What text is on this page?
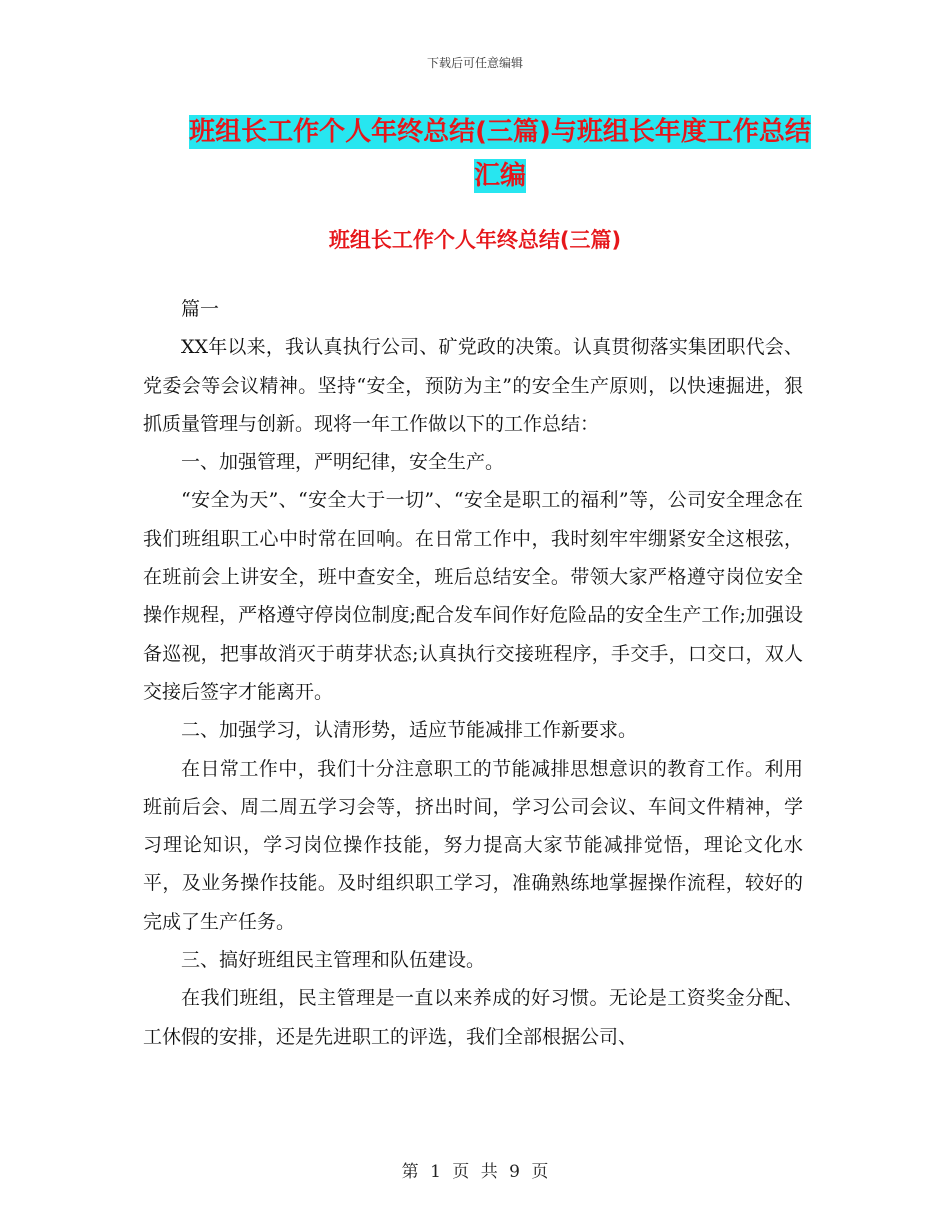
下载后可任意编辑
班组长工作个人年终总结(三篇)与班组长年度工作总结汇编
班组长工作个人年终总结(三篇)

篇一

XX年以来，我认真执行公司、矿党政的决策。认真贯彻落实集团职代会、党委会等会议精神。坚持“安全，预防为主”的安全生产原则，以快速掘进，狠抓质量管理与创新。现将一年工作做以下的工作总结：

一、加强管理，严明纪律，安全生产。

“安全为天”、“安全大于一切”、“安全是职工的福利”等，公司安全理念在我们班组职工心中时常在回响。在日常工作中，我时刻牢牢绷紧安全这根弦，在班前会上讲安全，班中查安全，班后总结安全。带领大家严格遵守岗位安全操作规程，严格遵守停岗位制度;配合发车间作好危险品的安全生产工作;加强设备巡视，把事故消灭于萌芽状态;认真执行交接班程序，手交手，口交口，双人交接后签字才能离开。

二、加强学习，认清形势，适应节能减排工作新要求。

在日常工作中，我们十分注意职工的节能减排思想意识的教育工作。利用班前后会、周二周五学习会等，挤出时间，学习公司会议、车间文件精神，学习理论知识，学习岗位操作技能，努力提高大家节能减排觉悟，理论文化水平，及业务操作技能。及时组织职工学习，准确熟练地掌握操作流程，较好的完成了生产任务。

三、搞好班组民主管理和队伍建设。

在我们班组，民主管理是一直以来养成的好习惯。无论是工资奖金分配、工休假的安排，还是先进职工的评选，我们全部根据公司、

第 1 页 共 9 页
